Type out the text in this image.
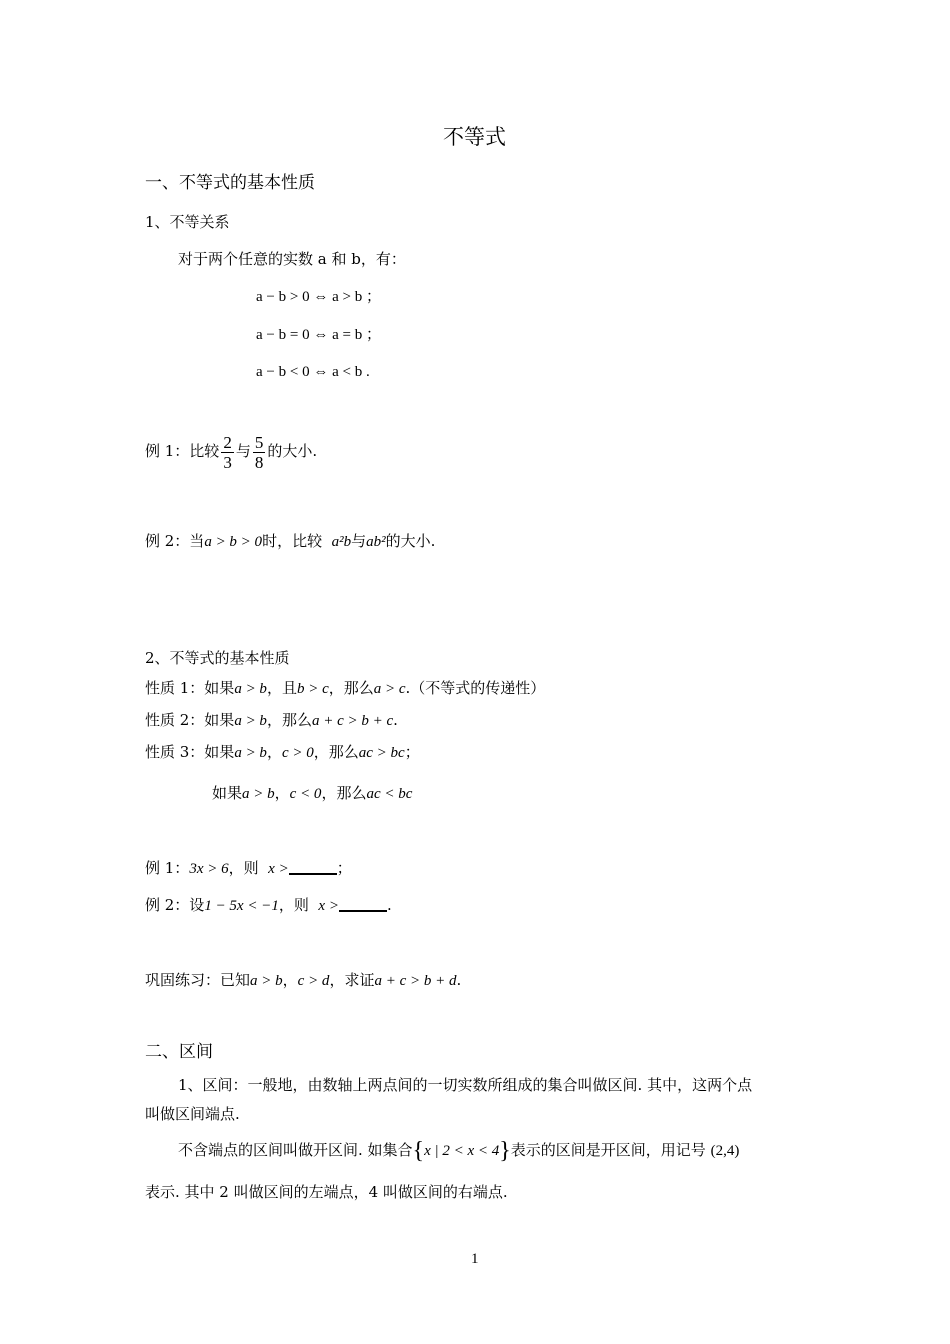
不等式
一、不等式的基本性质
1、不等关系
对于两个任意的实数 a 和 b，有：
a − b > 0 ⇔ a > b ；
a − b = 0 ⇔ a = b ；
a − b < 0 ⇔ a < b .
例 1：比较 $\frac{2}{3}$ 与 $\frac{5}{8}$ 的大小.
例 2：当a > b > 0时，比较 a²b与ab²的大小.
2、不等式的基本性质
性质 1：如果a > b，且b > c，那么a > c.（不等式的传递性）
性质 2：如果a > b，那么a + c > b + c.
性质 3：如果a > b，c > 0，那么ac > bc；
如果a > b，c < 0，那么ac < bc
例 1：3x > 6，则 x >	；
例 2：设1 − 5x < −1，则 x >	.
巩固练习：已知a > b，c > d，求证a + c > b + d.
二、区间
1、区间：一般地，由数轴上两点间的一切实数所组成的集合叫做区间. 其中，这两个点
叫做区间端点.
不含端点的区间叫做开区间. 如集合{x | 2 < x < 4}表示的区间是开区间，用记号 (2,4)
表示. 其中 2 叫做区间的左端点，4 叫做区间的右端点.
1
